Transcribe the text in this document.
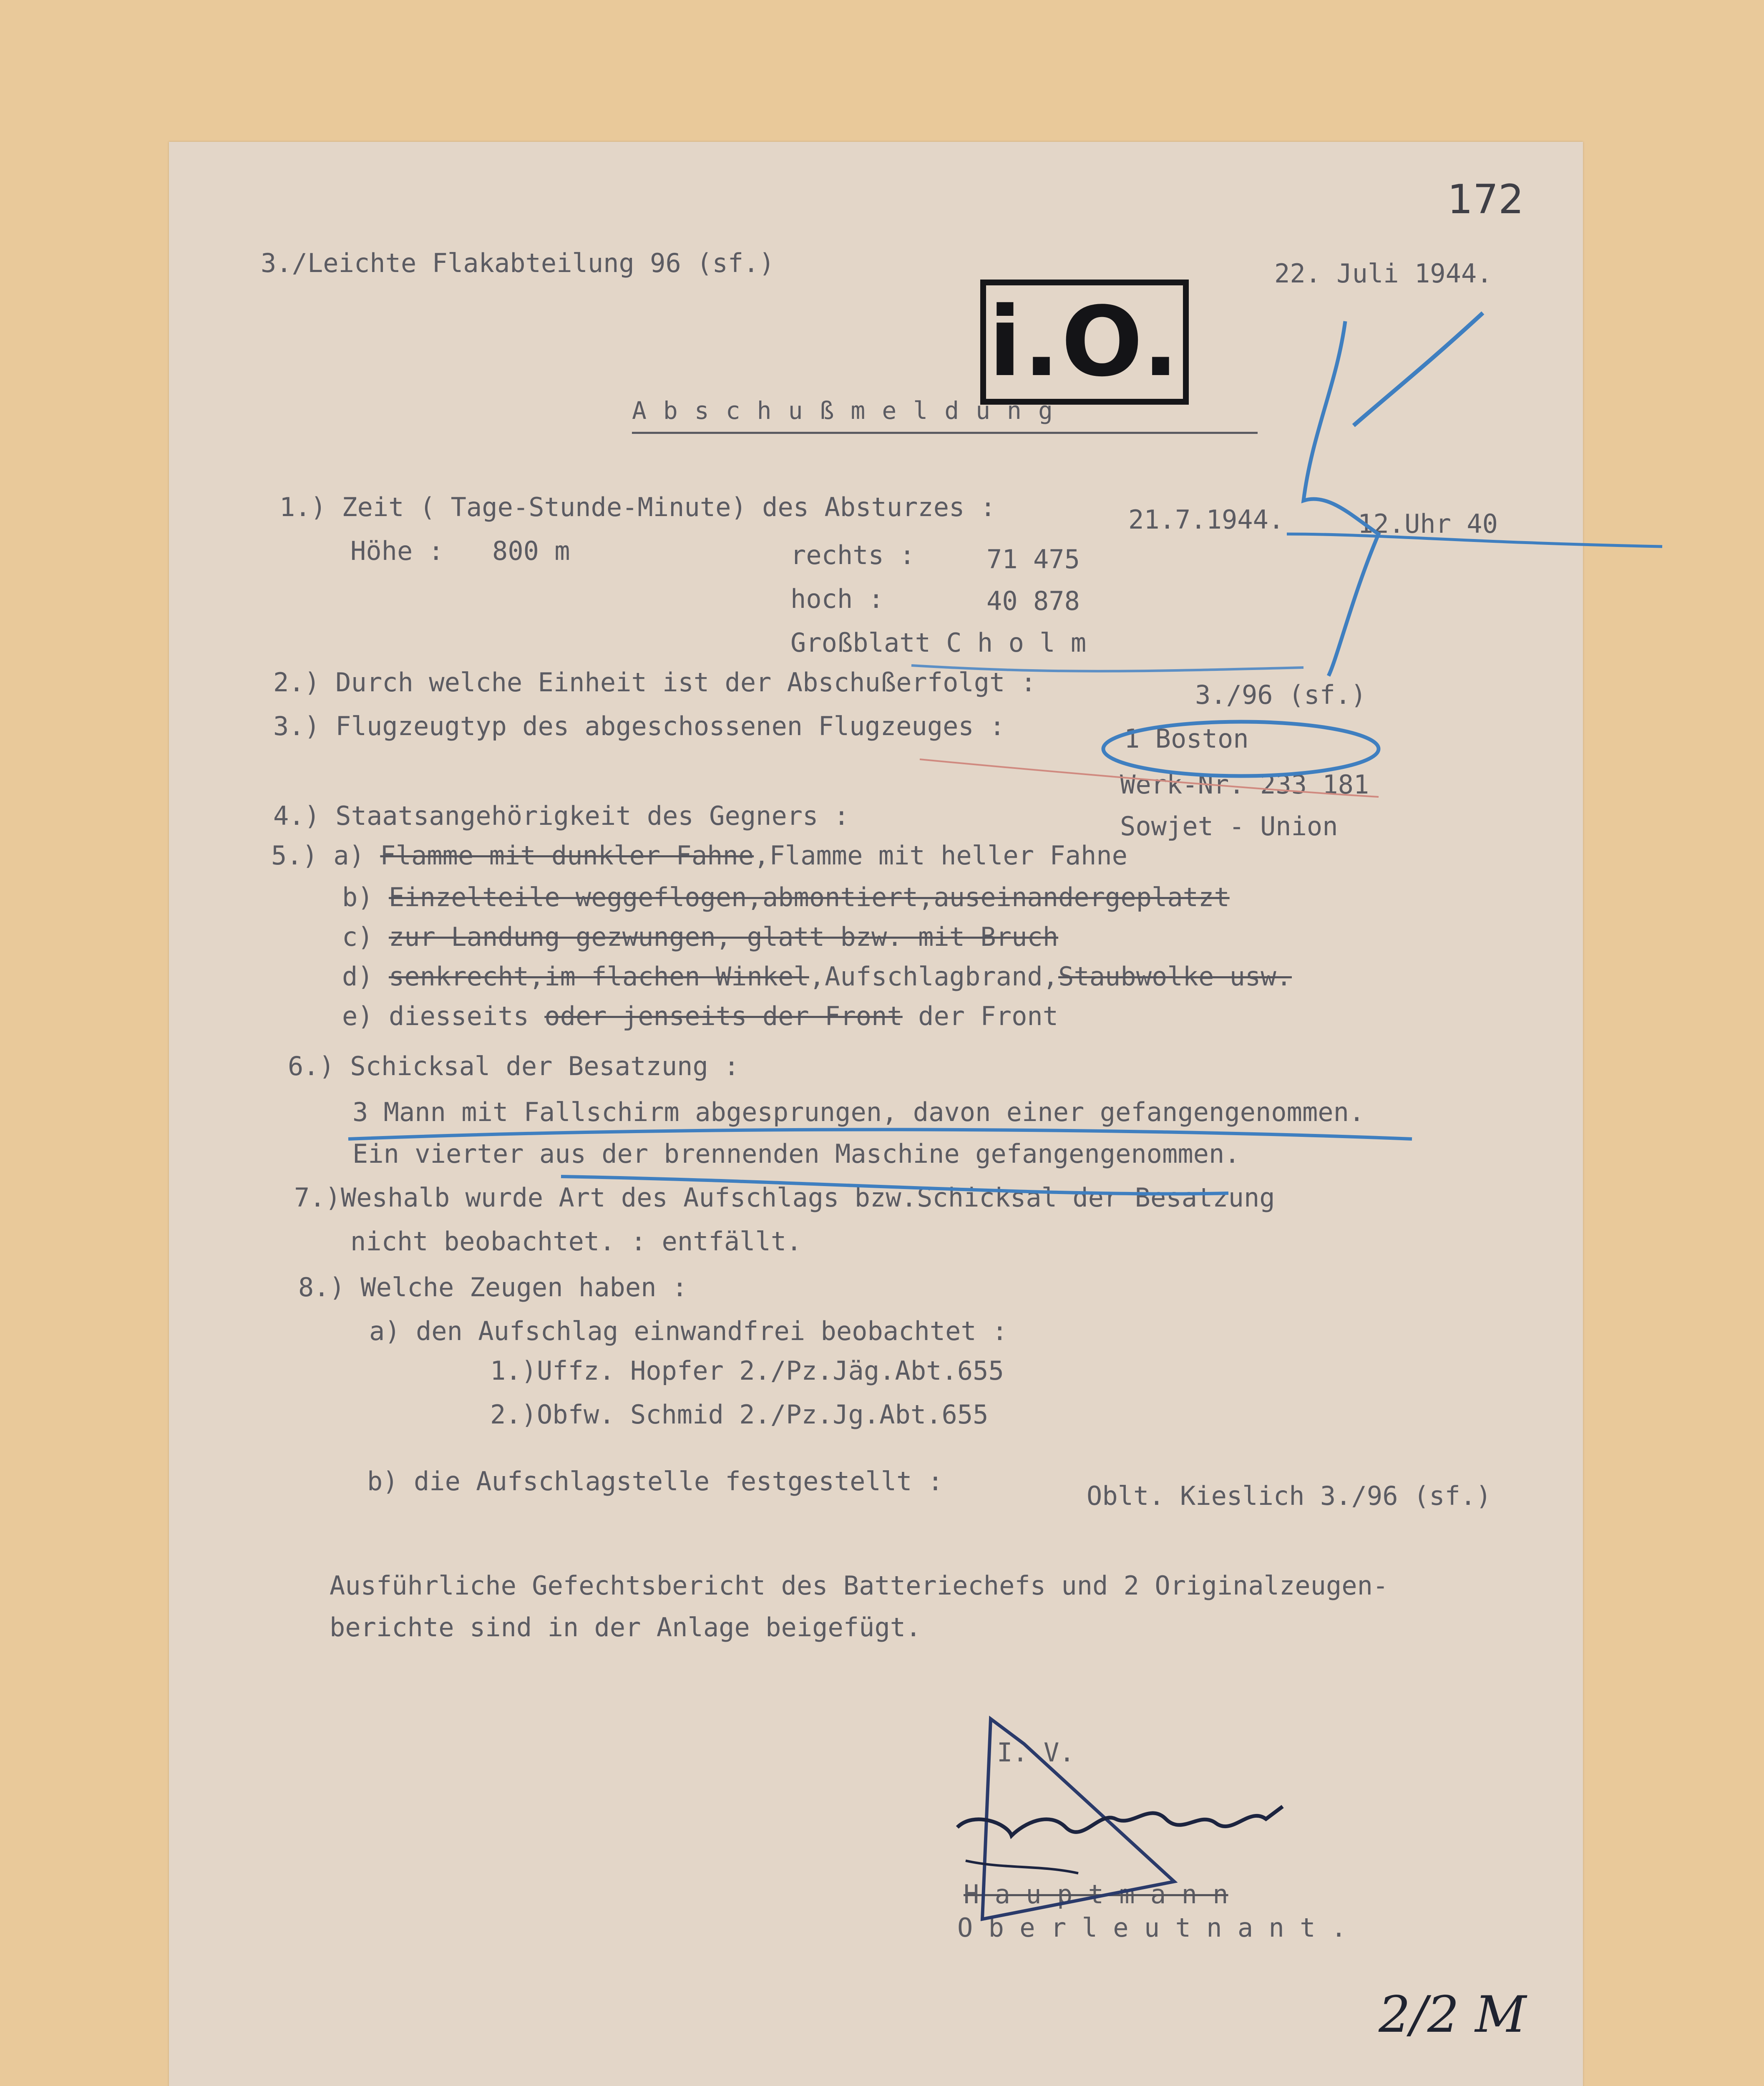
172
3./Leichte Flakabteilung 96 (sf.)	22. Juli 1944.
i.O.
Abschußmeldung
1.) Zeit ( Tage-Stunde-Minute) des Absturzes :	21.7.1944.	12.Uhr 40
Höhe : 800 m	rechts :	71 475
hoch :	40 878
Großblatt C h o l m
2.) Durch welche Einheit ist der Abschußerfolgt :	3./96 (sf.)
3.) Flugzeugtyp des abgeschossenen Flugzeuges :	1 Boston
Werk-Nr. 233 181
4.) Staatsangehörigkeit des Gegners :	Sowjet - Union
5.) a) Flamme mit dunkler Fahne,Flamme mit heller Fahne
b) Einzelteile weggeflogen,abmontiert,auseinandergeplatzt
c) zur Landung gezwungen, glatt bzw. mit Bruch
d) senkrecht,im flachen Winkel,Aufschlagbrand,Staubwolke usw.
e) diesseits oder jenseits der Front der Front
6.) Schicksal der Besatzung :
3 Mann mit Fallschirm abgesprungen, davon einer gefangengenommen.
Ein vierter aus der brennenden Maschine gefangengenommen.
7.)Weshalb wurde Art des Aufschlags bzw.Schicksal der Besatzung
nicht beobachtet. : entfällt.
8.) Welche Zeugen haben :
a) den Aufschlag einwandfrei beobachtet :
1.)Uffz. Hopfer 2./Pz.Jäg.Abt.655
2.)Obfw. Schmid 2./Pz.Jg.Abt.655
b) die Aufschlagstelle festgestellt :	Oblt. Kieslich 3./96 (sf.)
Ausführliche Gefechtsbericht des Batteriechefs und 2 Originalzeugen-
berichte sind in der Anlage beigefügt.
I. V.
H a u p t m a n n
O b e r l e u t n a n t .
2/2 M
